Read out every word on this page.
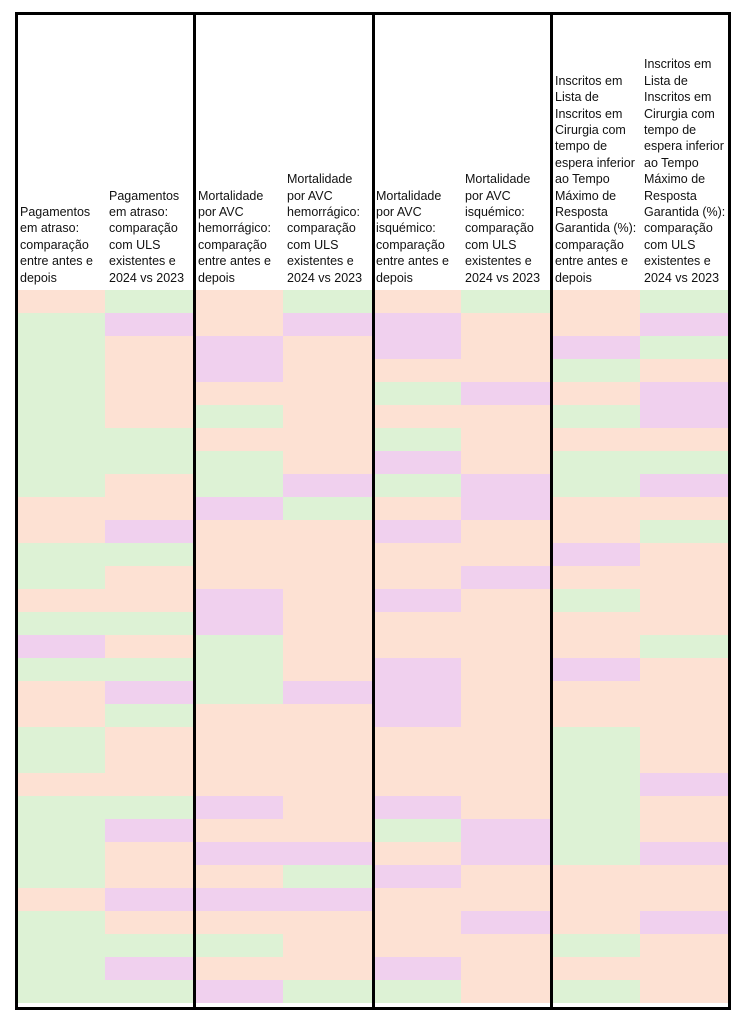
Pagamentos em atraso: comparação entre antes e depois
Pagamentos em atraso: comparação com ULS existentes e 2024 vs 2023
Mortalidade por AVC hemorrágico: comparação entre antes e depois
Mortalidade por AVC hemorrágico: comparação com ULS existentes e 2024 vs 2023
Mortalidade por AVC isquémico: comparação entre antes e depois
Mortalidade por AVC isquémico: comparação com ULS existentes e 2024 vs 2023
Inscritos em Lista de Inscritos em Cirurgia com tempo de espera inferior ao Tempo Máximo de Resposta Garantida (%): comparação entre antes e depois
Inscritos em Lista de Inscritos em Cirurgia com tempo de espera inferior ao Tempo Máximo de Resposta Garantida (%): comparação com ULS existentes e 2024 vs 2023
